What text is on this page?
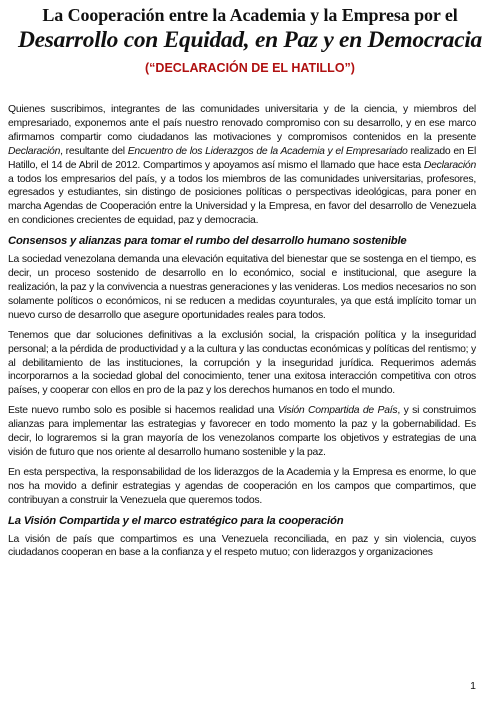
La Cooperación entre la Academia y la Empresa por el
Desarrollo con Equidad, en Paz y en Democracia
(“DECLARACIÓN DE EL HATILLO”)

Quienes suscribimos, integrantes de las comunidades universitaria y de la ciencia, y miembros del empresariado, exponemos ante el país nuestro renovado compromiso con su desarrollo, y en ese marco afirmamos compartir como ciudadanos las motivaciones y compromisos contenidos en la presente Declaración, resultante del Encuentro de los Liderazgos de la Academia y el Empresariado realizado en El Hatillo, el 14 de Abril de 2012. Compartimos y apoyamos así mismo el llamado que hace esta Declaración a todos los empresarios del país, y a todos los miembros de las comunidades universitarias, profesores, egresados y estudiantes, sin distingo de posiciones políticas o perspectivas ideológicas, para poner en marcha Agendas de Cooperación entre la Universidad y la Empresa, en favor del desarrollo de Venezuela en condiciones crecientes de equidad, paz y democracia.

Consensos y alianzas para tomar el rumbo del desarrollo humano sostenible

La sociedad venezolana demanda una elevación equitativa del bienestar que se sostenga en el tiempo, es decir, un proceso sostenido de desarrollo en lo económico, social e institucional, que asegure la realización, la paz y la convivencia a nuestras generaciones y las venideras. Los medios necesarios no son solamente políticos o económicos, ni se reducen a medidas coyunturales, ya que está implícito tomar un nuevo curso de desarrollo que asegure oportunidades reales para todos.

Tenemos que dar soluciones definitivas a la exclusión social, la crispación política y la inseguridad personal; a la pérdida de productividad y a la cultura y las conductas económicas y políticas del rentismo; y al debilitamiento de las instituciones, la corrupción y la inseguridad jurídica. Requerimos además incorporarnos a la sociedad global del conocimiento, tener una exitosa interacción competitiva con otros países, y cooperar con ellos en pro de la paz y los derechos humanos en todo el mundo.

Este nuevo rumbo solo es posible si hacemos realidad una Visión Compartida de País, y si construimos alianzas para implementar las estrategias y favorecer en todo momento la paz y la gobernabilidad. Es decir, lo lograremos si la gran mayoría de los venezolanos comparte los objetivos y estrategias de una visión de futuro que nos oriente al desarrollo humano sostenible y la paz.

En esta perspectiva, la responsabilidad de los liderazgos de la Academia y la Empresa es enorme, lo que nos ha movido a definir estrategias y agendas de cooperación en los campos que compartimos, que contribuyan a construir la Venezuela que queremos todos.

La Visión Compartida y el marco estratégico para la cooperación

La visión de país que compartimos es una Venezuela reconciliada, en paz y sin violencia, cuyos ciudadanos cooperan en base a la confianza y el respeto mutuo; con liderazgos y organizaciones

1
